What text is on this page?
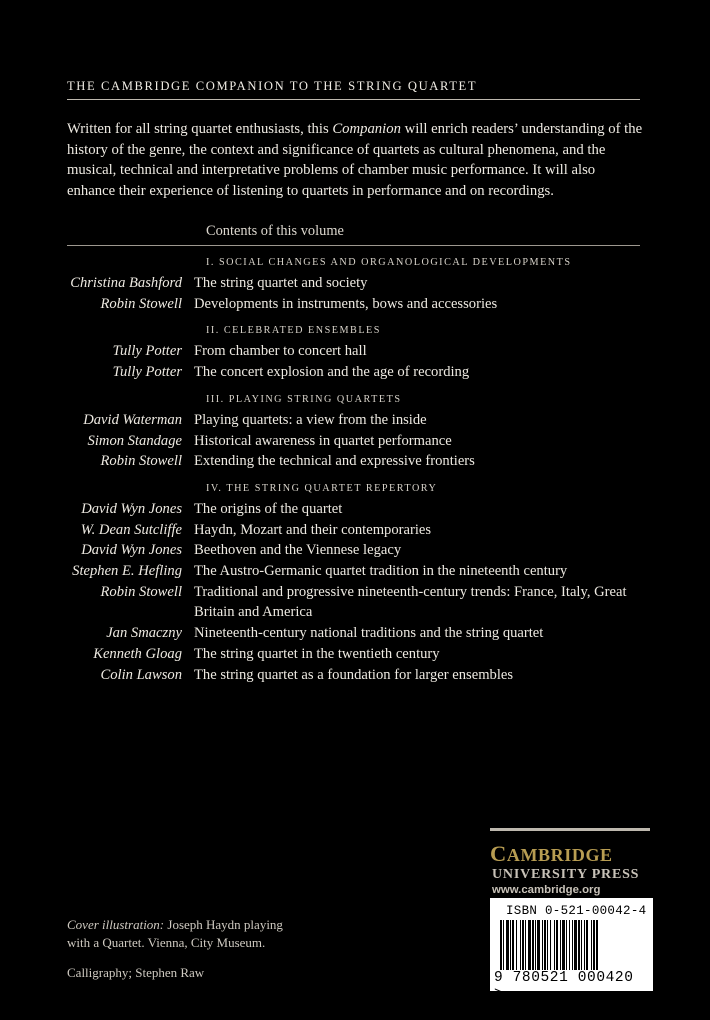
THE CAMBRIDGE COMPANION TO THE STRING QUARTET
Written for all string quartet enthusiasts, this Companion will enrich readers’ understanding of the history of the genre, the context and significance of quartets as cultural phenomena, and the musical, technical and interpretative problems of chamber music performance. It will also enhance their experience of listening to quartets in performance and on recordings.
Contents of this volume
I. SOCIAL CHANGES AND ORGANOLOGICAL DEVELOPMENTS
Christina Bashford The string quartet and society
Robin Stowell Developments in instruments, bows and accessories
II. CELEBRATED ENSEMBLES
Tully Potter From chamber to concert hall
Tully Potter The concert explosion and the age of recording
III. PLAYING STRING QUARTETS
David Waterman Playing quartets: a view from the inside
Simon Standage Historical awareness in quartet performance
Robin Stowell Extending the technical and expressive frontiers
IV. THE STRING QUARTET REPERTORY
David Wyn Jones The origins of the quartet
W. Dean Sutcliffe Haydn, Mozart and their contemporaries
David Wyn Jones Beethoven and the Viennese legacy
Stephen E. Hefling The Austro-Germanic quartet tradition in the nineteenth century
Robin Stowell Traditional and progressive nineteenth-century trends: France, Italy, Great Britain and America
Jan Smaczny Nineteenth-century national traditions and the string quartet
Kenneth Gloag The string quartet in the twentieth century
Colin Lawson The string quartet as a foundation for larger ensembles
CAMBRIDGE
UNIVERSITY PRESS
www.cambridge.org
ISBN 0-521-00042-4
9 780521 000420 >
Cover illustration: Joseph Haydn playing with a Quartet. Vienna, City Museum.
Calligraphy; Stephen Raw
